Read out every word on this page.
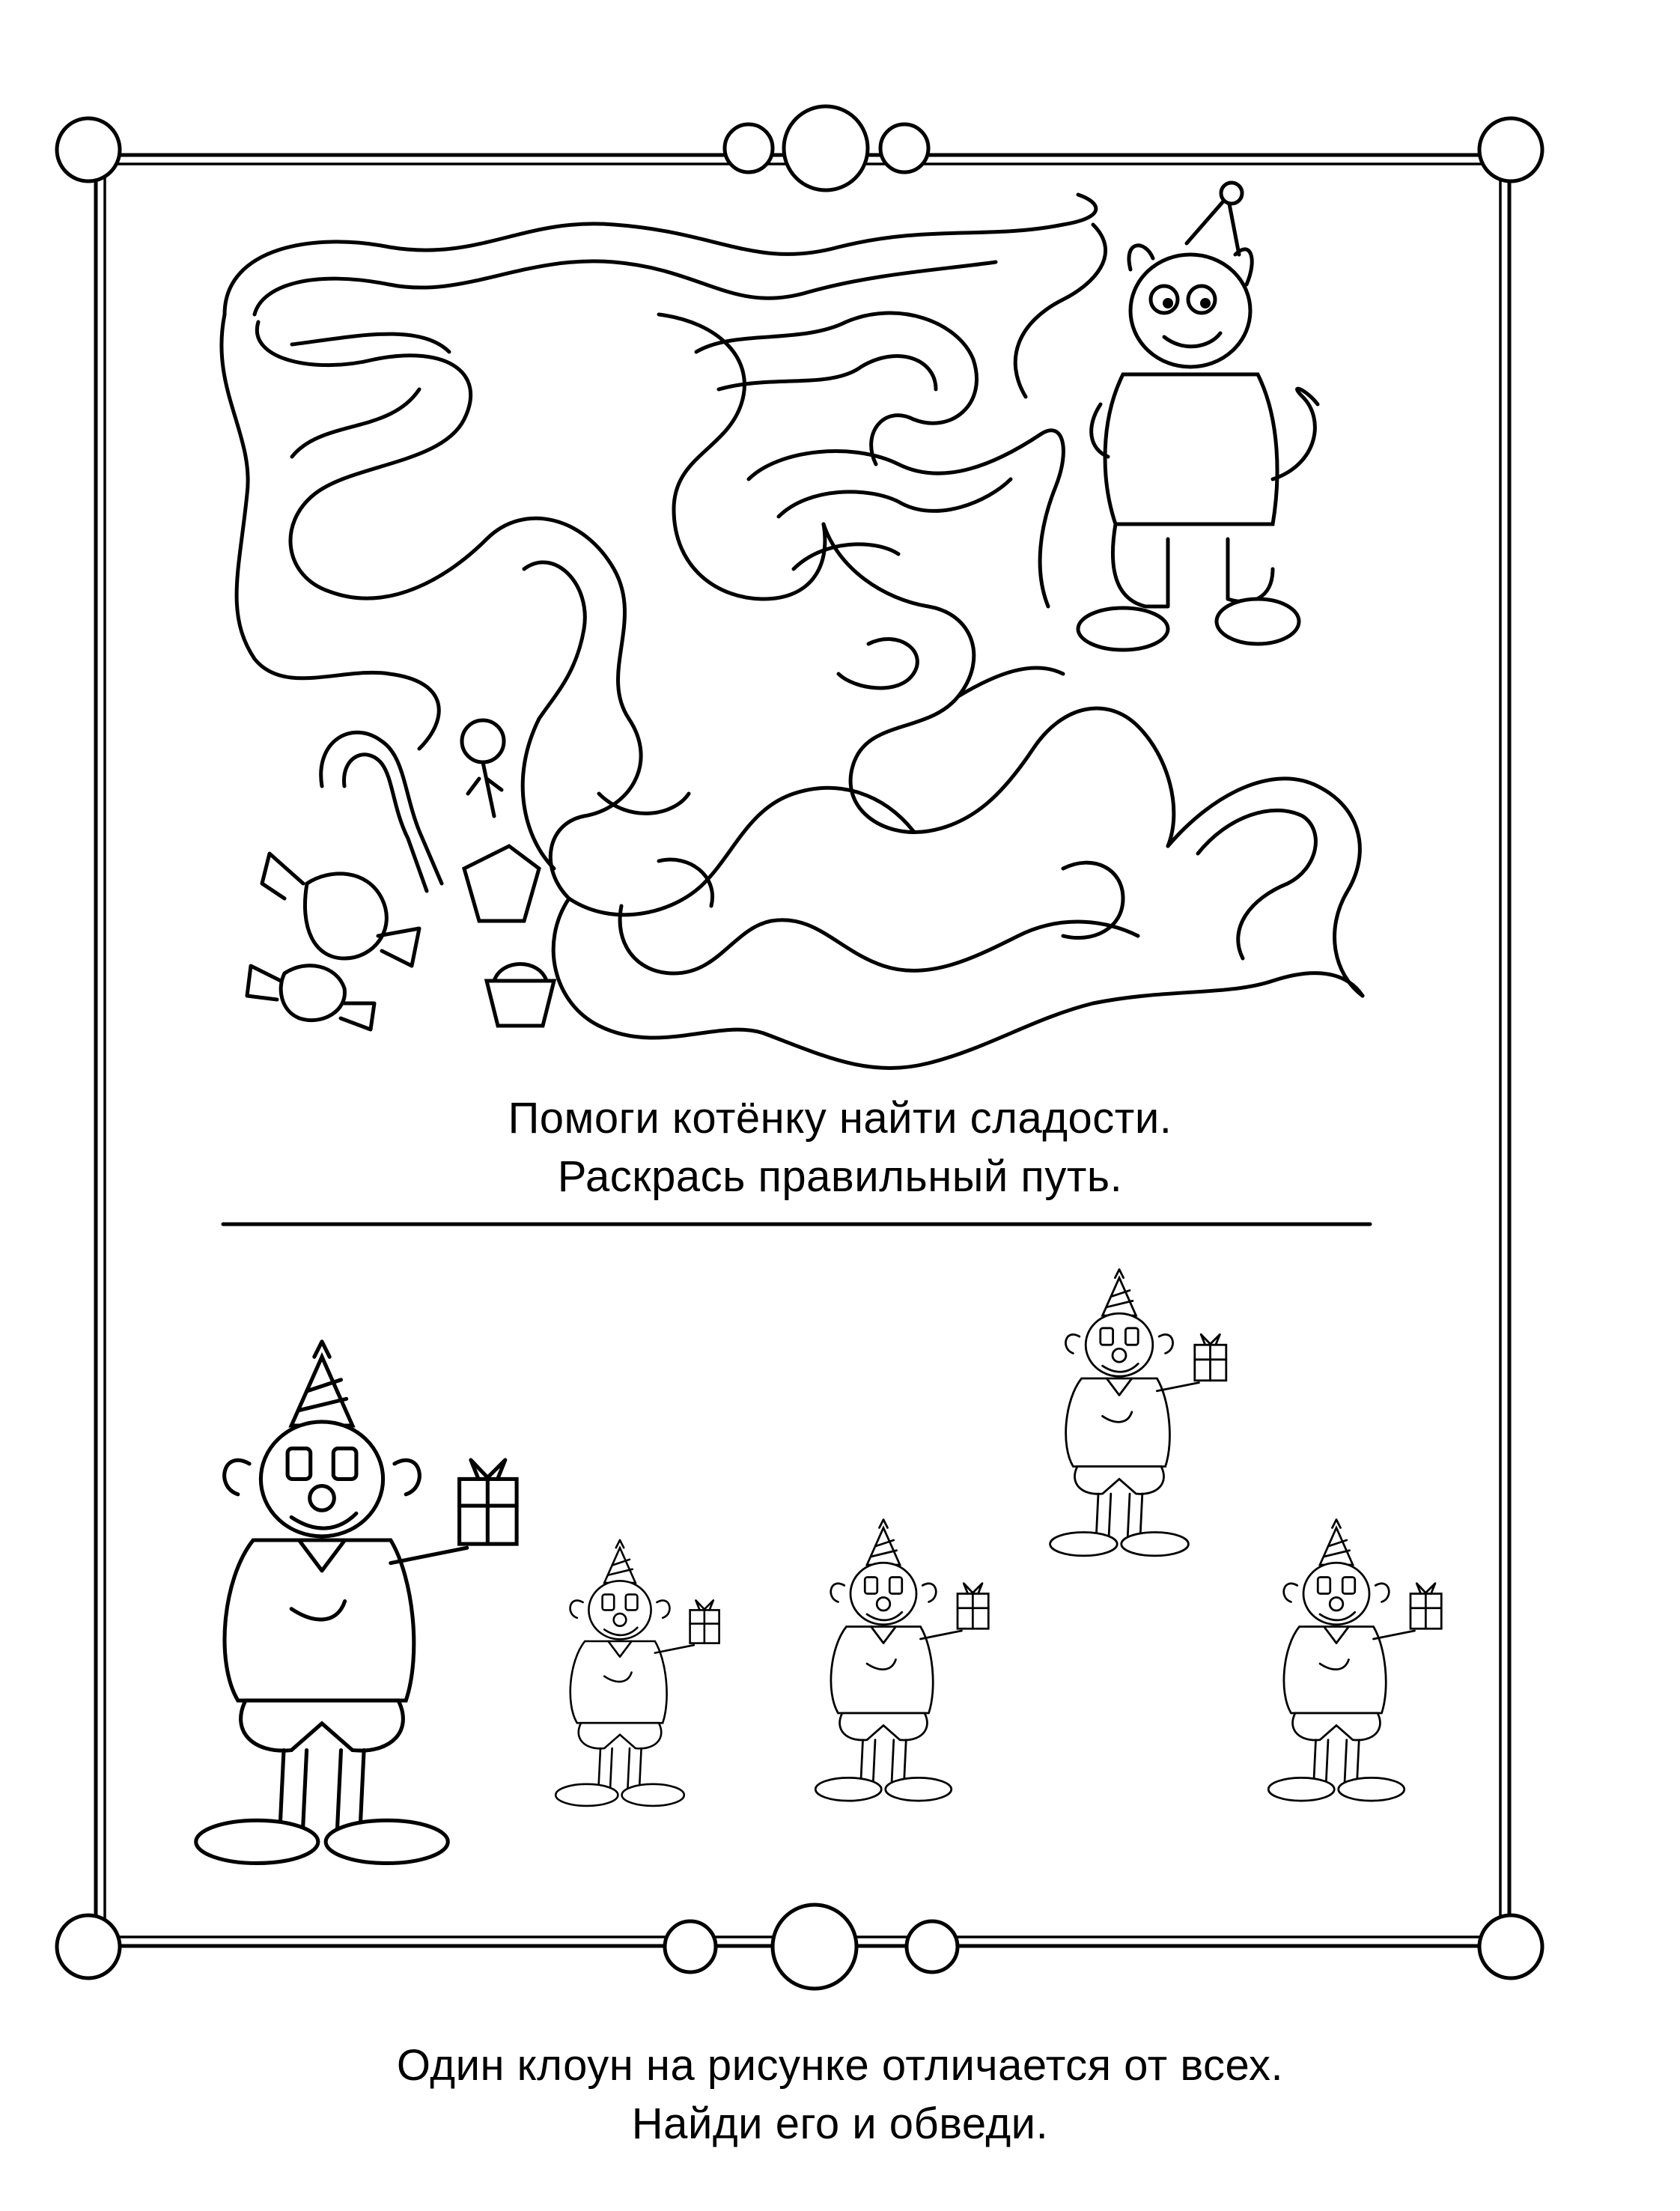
Помоги котёнку найти сладости.
Раскрась правильный путь.
Один клоун на рисунке отличается от всех.
Найди его и обведи.
